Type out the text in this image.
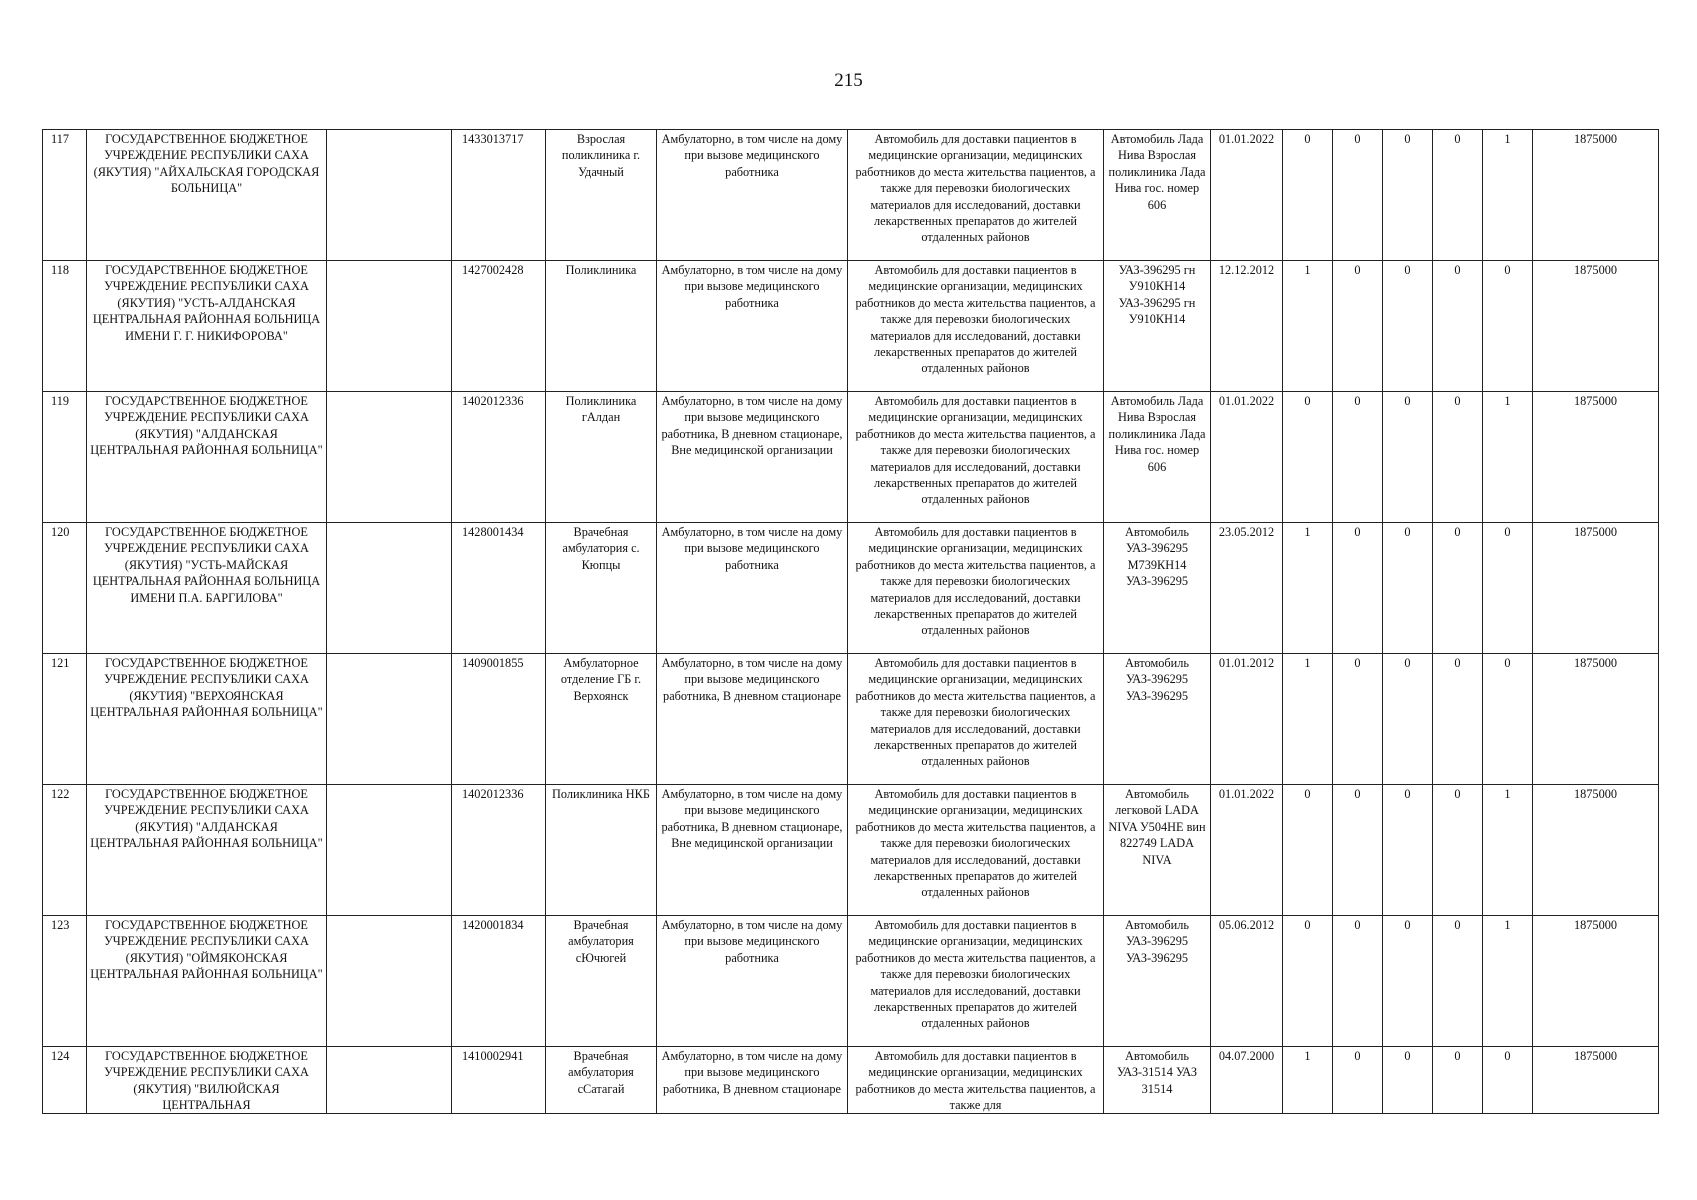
215
117	ГОСУДАРСТВЕННОЕ БЮДЖЕТНОЕ УЧРЕЖДЕНИЕ РЕСПУБЛИКИ САХА (ЯКУТИЯ) "АЙХАЛЬСКАЯ ГОРОДСКАЯ БОЛЬНИЦА"		1433013717	Взрослая поликлиника г. Удачный	Амбулаторно, в том числе на дому при вызове медицинского работника	Автомобиль для доставки пациентов в медицинские организации, медицинских работников до места жительства пациентов, а также для перевозки биологических материалов для исследований, доставки лекарственных препаратов до жителей отдаленных районов	Автомобиль Лада Нива Взрослая поликлиника Лада Нива гос. номер 606	01.01.2022	0	0	0	0	1	1875000

118	ГОСУДАРСТВЕННОЕ БЮДЖЕТНОЕ УЧРЕЖДЕНИЕ РЕСПУБЛИКИ САХА (ЯКУТИЯ) "УСТЬ-АЛДАНСКАЯ ЦЕНТРАЛЬНАЯ РАЙОННАЯ БОЛЬНИЦА ИМЕНИ Г. Г. НИКИФОРОВА"		1427002428	Поликлиника	Амбулаторно, в том числе на дому при вызове медицинского работника	Автомобиль для доставки пациентов в медицинские организации, медицинских работников до места жительства пациентов, а также для перевозки биологических материалов для исследований, доставки лекарственных препаратов до жителей отдаленных районов	УАЗ-396295 гн У910КН14 УАЗ-396295 гн У910КН14	12.12.2012	1	0	0	0	0	1875000

119	ГОСУДАРСТВЕННОЕ БЮДЖЕТНОЕ УЧРЕЖДЕНИЕ РЕСПУБЛИКИ САХА (ЯКУТИЯ) "АЛДАНСКАЯ ЦЕНТРАЛЬНАЯ РАЙОННАЯ БОЛЬНИЦА"		1402012336	Поликлиника гАлдан	Амбулаторно, в том числе на дому при вызове медицинского работника, В дневном стационаре, Вне медицинской организации	Автомобиль для доставки пациентов в медицинские организации, медицинских работников до места жительства пациентов, а также для перевозки биологических материалов для исследований, доставки лекарственных препаратов до жителей отдаленных районов	Автомобиль Лада Нива Взрослая поликлиника Лада Нива гос. номер 606	01.01.2022	0	0	0	0	1	1875000

120	ГОСУДАРСТВЕННОЕ БЮДЖЕТНОЕ УЧРЕЖДЕНИЕ РЕСПУБЛИКИ САХА (ЯКУТИЯ) "УСТЬ-МАЙСКАЯ ЦЕНТРАЛЬНАЯ РАЙОННАЯ БОЛЬНИЦА ИМЕНИ П.А. БАРГИЛОВА"		1428001434	Врачебная амбулатория с. Кюпцы	Амбулаторно, в том числе на дому при вызове медицинского работника	Автомобиль для доставки пациентов в медицинские организации, медицинских работников до места жительства пациентов, а также для перевозки биологических материалов для исследований, доставки лекарственных препаратов до жителей отдаленных районов	Автомобиль УАЗ-396295 М739КН14 УАЗ-396295	23.05.2012	1	0	0	0	0	1875000

121	ГОСУДАРСТВЕННОЕ БЮДЖЕТНОЕ УЧРЕЖДЕНИЕ РЕСПУБЛИКИ САХА (ЯКУТИЯ) "ВЕРХОЯНСКАЯ ЦЕНТРАЛЬНАЯ РАЙОННАЯ БОЛЬНИЦА"		1409001855	Амбулаторное отделение ГБ г. Верхоянск	Амбулаторно, в том числе на дому при вызове медицинского работника, В дневном стационаре	Автомобиль для доставки пациентов в медицинские организации, медицинских работников до места жительства пациентов, а также для перевозки биологических материалов для исследований, доставки лекарственных препаратов до жителей отдаленных районов	Автомобиль УАЗ-396295 УАЗ-396295	01.01.2012	1	0	0	0	0	1875000

122	ГОСУДАРСТВЕННОЕ БЮДЖЕТНОЕ УЧРЕЖДЕНИЕ РЕСПУБЛИКИ САХА (ЯКУТИЯ) "АЛДАНСКАЯ ЦЕНТРАЛЬНАЯ РАЙОННАЯ БОЛЬНИЦА"		1402012336	Поликлиника НКБ	Амбулаторно, в том числе на дому при вызове медицинского работника, В дневном стационаре, Вне медицинской организации	Автомобиль для доставки пациентов в медицинские организации, медицинских работников до места жительства пациентов, а также для перевозки биологических материалов для исследований, доставки лекарственных препаратов до жителей отдаленных районов	Автомобиль легковой LADA NIVA У504НЕ вин 822749 LADA NIVA	01.01.2022	0	0	0	0	1	1875000

123	ГОСУДАРСТВЕННОЕ БЮДЖЕТНОЕ УЧРЕЖДЕНИЕ РЕСПУБЛИКИ САХА (ЯКУТИЯ) "ОЙМЯКОНСКАЯ ЦЕНТРАЛЬНАЯ РАЙОННАЯ БОЛЬНИЦА"		1420001834	Врачебная амбулатория сЮчюгей	Амбулаторно, в том числе на дому при вызове медицинского работника	Автомобиль для доставки пациентов в медицинские организации, медицинских работников до места жительства пациентов, а также для перевозки биологических материалов для исследований, доставки лекарственных препаратов до жителей отдаленных районов	Автомобиль УАЗ-396295 УАЗ-396295	05.06.2012	0	0	0	0	1	1875000

124	ГОСУДАРСТВЕННОЕ БЮДЖЕТНОЕ УЧРЕЖДЕНИЕ РЕСПУБЛИКИ САХА (ЯКУТИЯ) "ВИЛЮЙСКАЯ ЦЕНТРАЛЬНАЯ		1410002941	Врачебная амбулатория сСатагай	Амбулаторно, в том числе на дому при вызове медицинского работника, В дневном стационаре	Автомобиль для доставки пациентов в медицинские организации, медицинских работников до места жительства пациентов, а также для	Автомобиль УАЗ-31514 УАЗ 31514	04.07.2000	1	0	0	0	0	1875000
